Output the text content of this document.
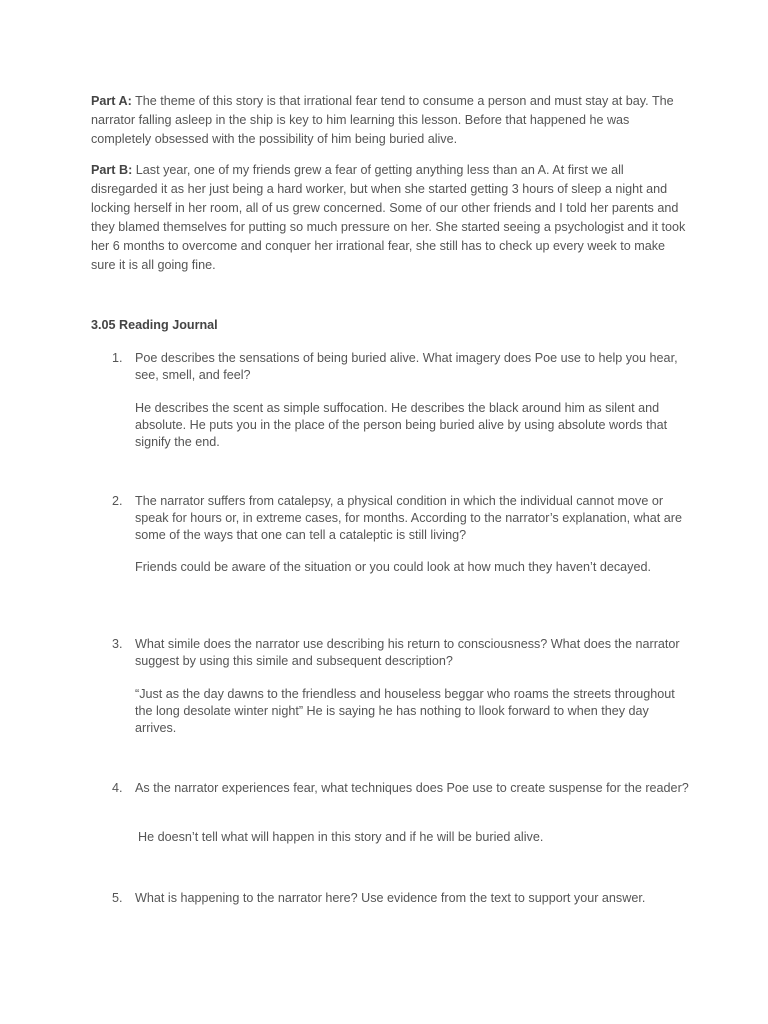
Part A: The theme of this story is that irrational fear tend to consume a person and must stay at bay. The narrator falling asleep in the ship is key to him learning this lesson. Before that happened he was completely obsessed with the possibility of him being buried alive.

Part B: Last year, one of my friends grew a fear of getting anything less than an A. At first we all disregarded it as her just being a hard worker, but when she started getting 3 hours of sleep a night and locking herself in her room, all of us grew concerned. Some of our other friends and I told her parents and they blamed themselves for putting so much pressure on her. She started seeing a psychologist and it took her 6 months to overcome and conquer her irrational fear, she still has to check up every week to make sure it is all going fine.

3.05 Reading Journal
1. Poe describes the sensations of being buried alive. What imagery does Poe use to help you hear, see, smell, and feel?

He describes the scent as simple suffocation. He describes the black around him as silent and absolute. He puts you in the place of the person being buried alive by using absolute words that signify the end.

2. The narrator suffers from catalepsy, a physical condition in which the individual cannot move or speak for hours or, in extreme cases, for months. According to the narrator’s explanation, what are some of the ways that one can tell a cataleptic is still living?

Friends could be aware of the situation or you could look at how much they haven’t decayed.

3. What simile does the narrator use describing his return to consciousness? What does the narrator suggest by using this simile and subsequent description?

“Just as the day dawns to the friendless and houseless beggar who roams the streets throughout the long desolate winter night” He is saying he has nothing to llook forward to when they day arrives.

4. As the narrator experiences fear, what techniques does Poe use to create suspense for the reader?

He doesn’t tell what will happen in this story and if he will be buried alive.

5. What is happening to the narrator here? Use evidence from the text to support your answer.
